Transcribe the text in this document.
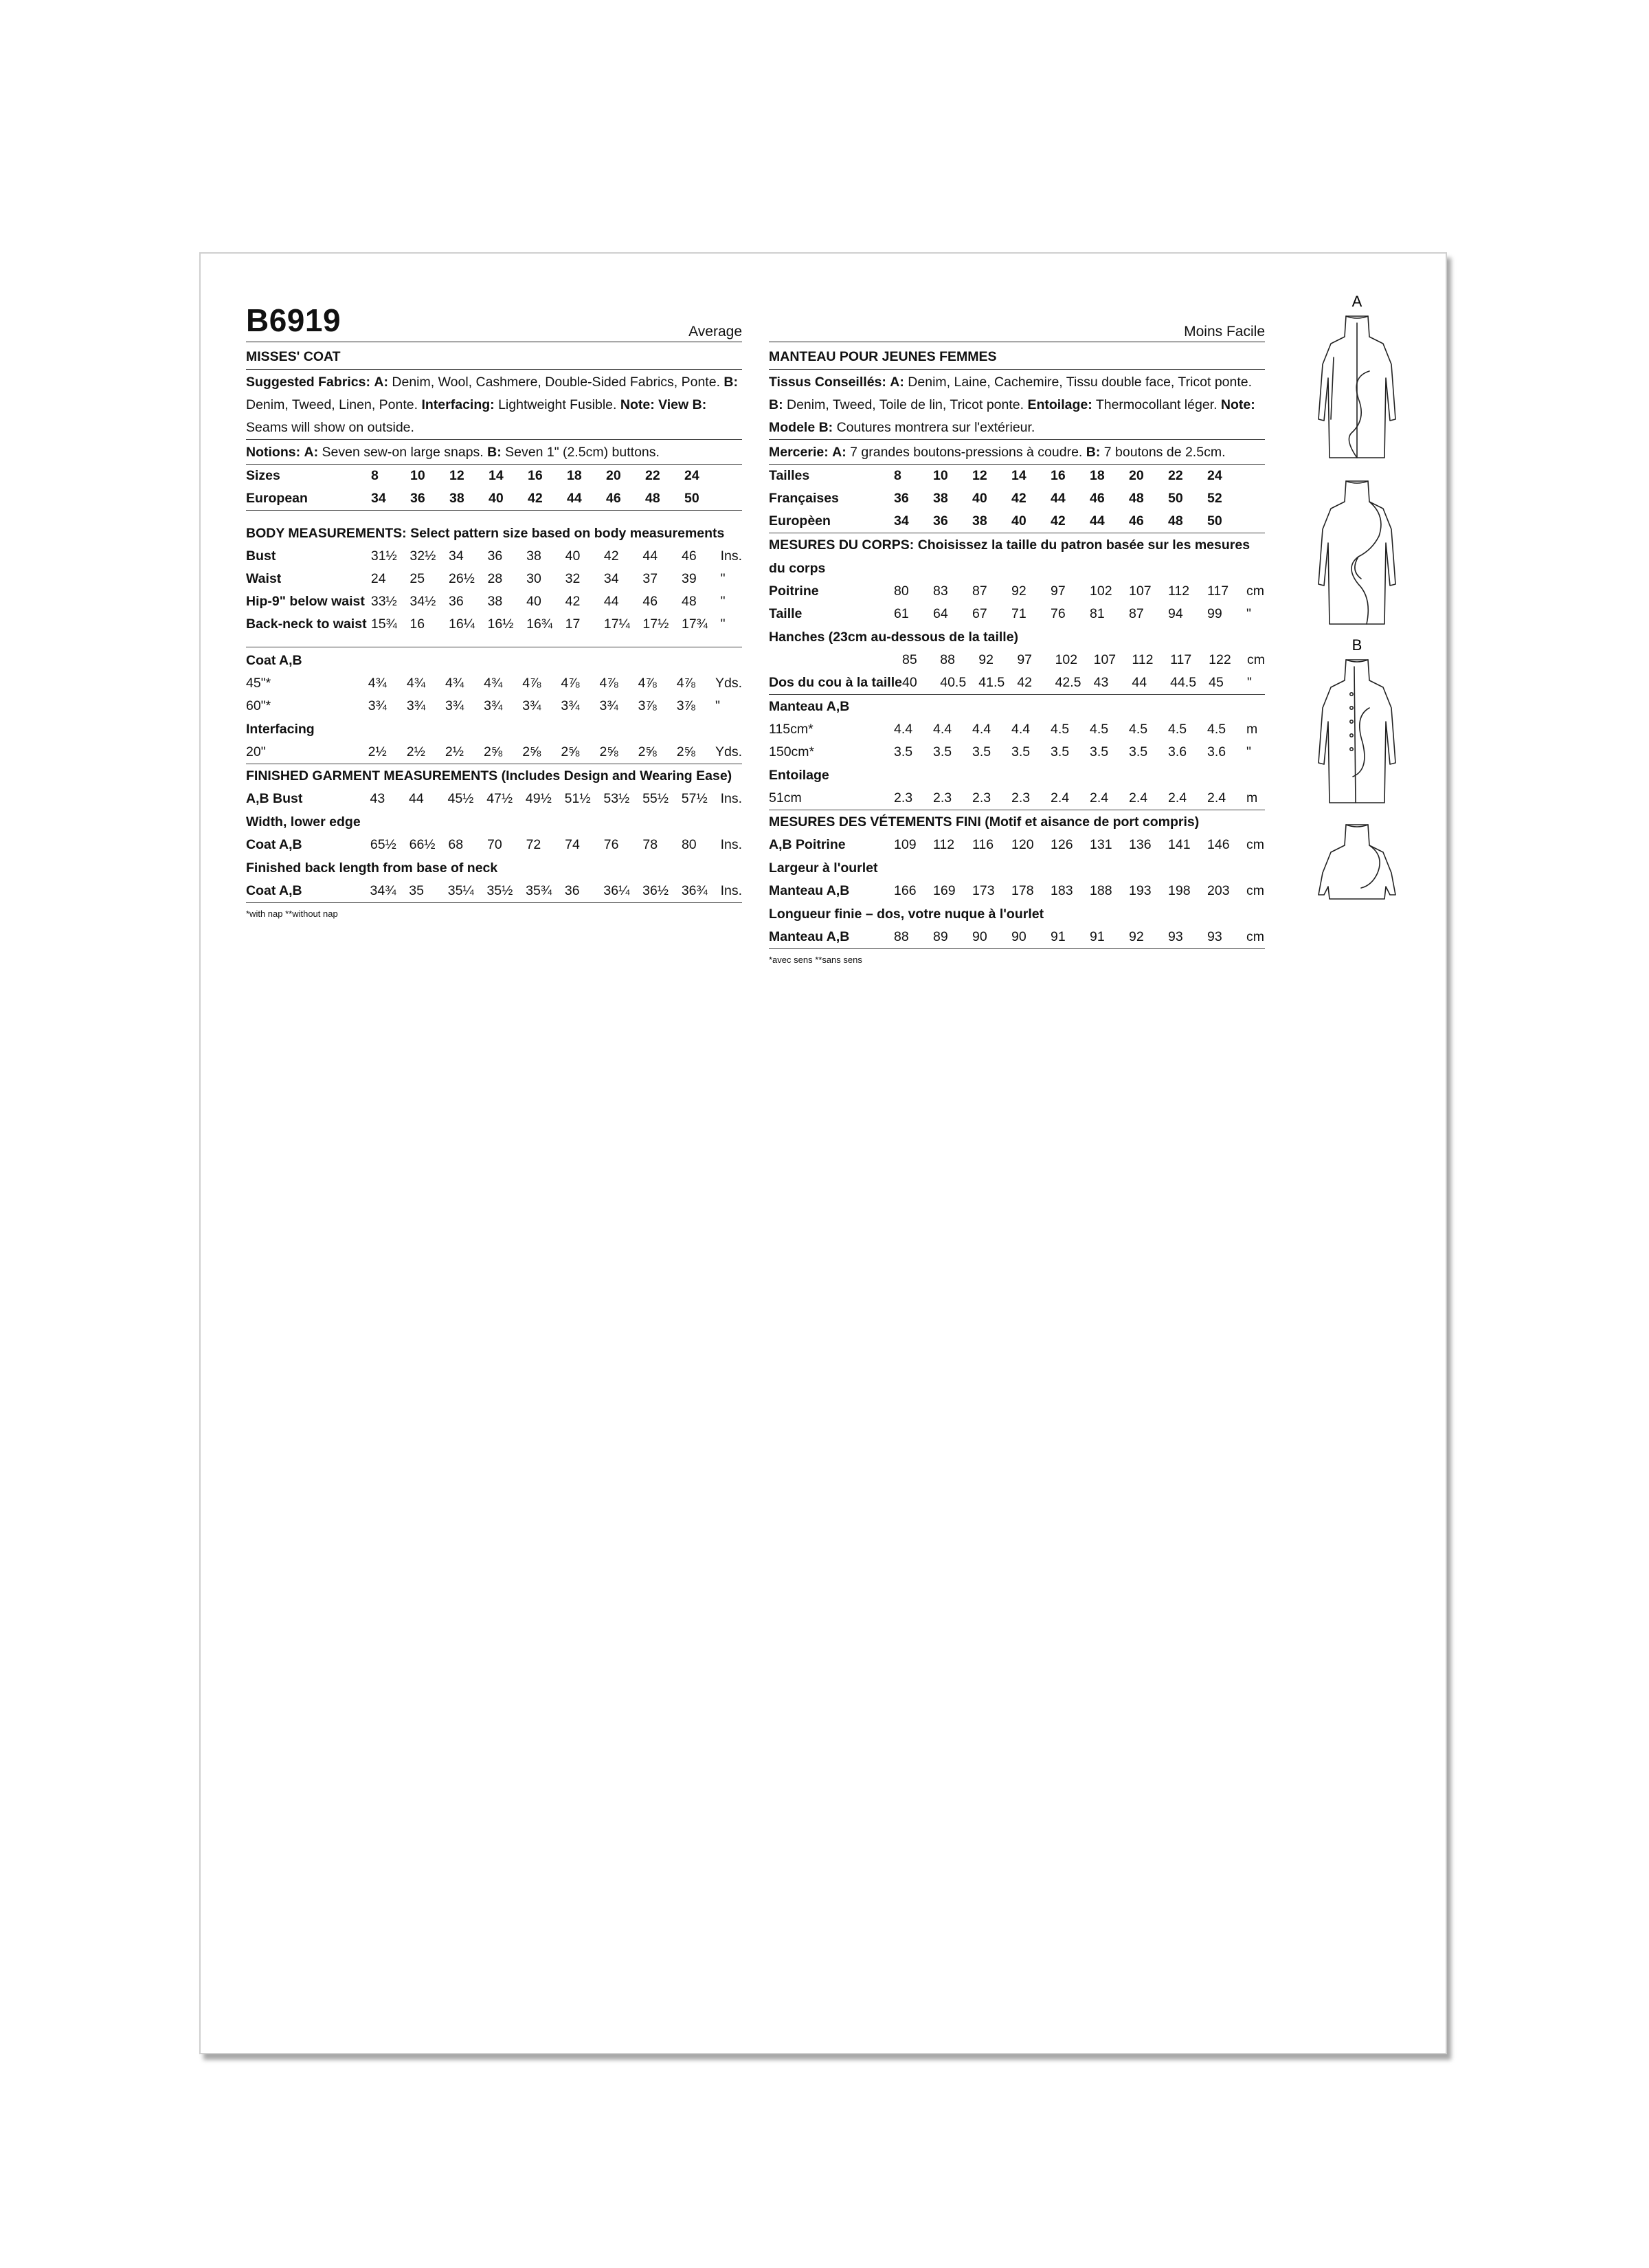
B6919	Average
MISSES' COAT
Suggested Fabrics: A: Denim, Wool, Cashmere, Double-Sided Fabrics, Ponte. B: Denim, Tweed, Linen, Ponte. Interfacing: Lightweight Fusible. Note: View B: Seams will show on outside.
Notions: A: Seven sew-on large snaps. B: Seven 1" (2.5cm) buttons.
Sizes	8	10	12	14	16	18	20	22	24	
European	34	36	38	40	42	44	46	48	50	
BODY MEASUREMENTS: Select pattern size based on body measurements
Bust	31½	32½	34	36	38	40	42	44	46	Ins.
Waist	24	25	26½	28	30	32	34	37	39	"
Hip-9" below waist	33½	34½	36	38	40	42	44	46	48	"
Back-neck to waist	15¾	16	16¼	16½	16¾	17	17¼	17½	17¾	"
Coat A,B
45"*	4¾	4¾	4¾	4¾	4⅞	4⅞	4⅞	4⅞	4⅞	Yds.
60"*	3¾	3¾	3¾	3¾	3¾	3¾	3¾	3⅞	3⅞	"
Interfacing
20"	2½	2½	2½	2⅝	2⅝	2⅝	2⅝	2⅝	2⅝	Yds.
FINISHED GARMENT MEASUREMENTS (Includes Design and Wearing Ease)
A,B Bust	43	44	45½	47½	49½	51½	53½	55½	57½	Ins.
Width, lower edge
Coat A,B	65½	66½	68	70	72	74	76	78	80	Ins.
Finished back length from base of neck
Coat A,B	34¾	35	35¼	35½	35¾	36	36¼	36½	36¾	Ins.
*with nap **without nap
Moins Facile
MANTEAU POUR JEUNES FEMMES
Tissus Conseillés: A: Denim, Laine, Cachemire, Tissu double face, Tricot ponte. B: Denim, Tweed, Toile de lin, Tricot ponte. Entoilage: Thermocollant léger. Note: Modele B: Coutures montrera sur l'extérieur.
Mercerie: A: 7 grandes boutons-pressions à coudre. B: 7 boutons de 2.5cm.
Tailles	8	10	12	14	16	18	20	22	24	
Françaises	36	38	40	42	44	46	48	50	52	
Europèen	34	36	38	40	42	44	46	48	50	
MESURES DU CORPS: Choisissez la taille du patron basée sur les mesures du corps
Poitrine	80	83	87	92	97	102	107	112	117	cm
Taille	61	64	67	71	76	81	87	94	99	"
Hanches (23cm au-dessous de la taille)
	85	88	92	97	102	107	112	117	122	cm
Dos du cou à la taille	40	40.5	41.5	42	42.5	43	44	44.5	45	"
Manteau A,B
115cm*	4.4	4.4	4.4	4.4	4.5	4.5	4.5	4.5	4.5	m
150cm*	3.5	3.5	3.5	3.5	3.5	3.5	3.5	3.6	3.6	"
Entoilage
51cm	2.3	2.3	2.3	2.3	2.4	2.4	2.4	2.4	2.4	m
MESURES DES VÉTEMENTS FINI (Motif et aisance de port compris)
A,B Poitrine	109	112	116	120	126	131	136	141	146	cm
Largeur à l'ourlet
Manteau A,B	166	169	173	178	183	188	193	198	203	cm
Longueur finie – dos, votre nuque à l'ourlet
Manteau A,B	88	89	90	90	91	91	92	93	93	cm
*avec sens **sans sens
A
B
